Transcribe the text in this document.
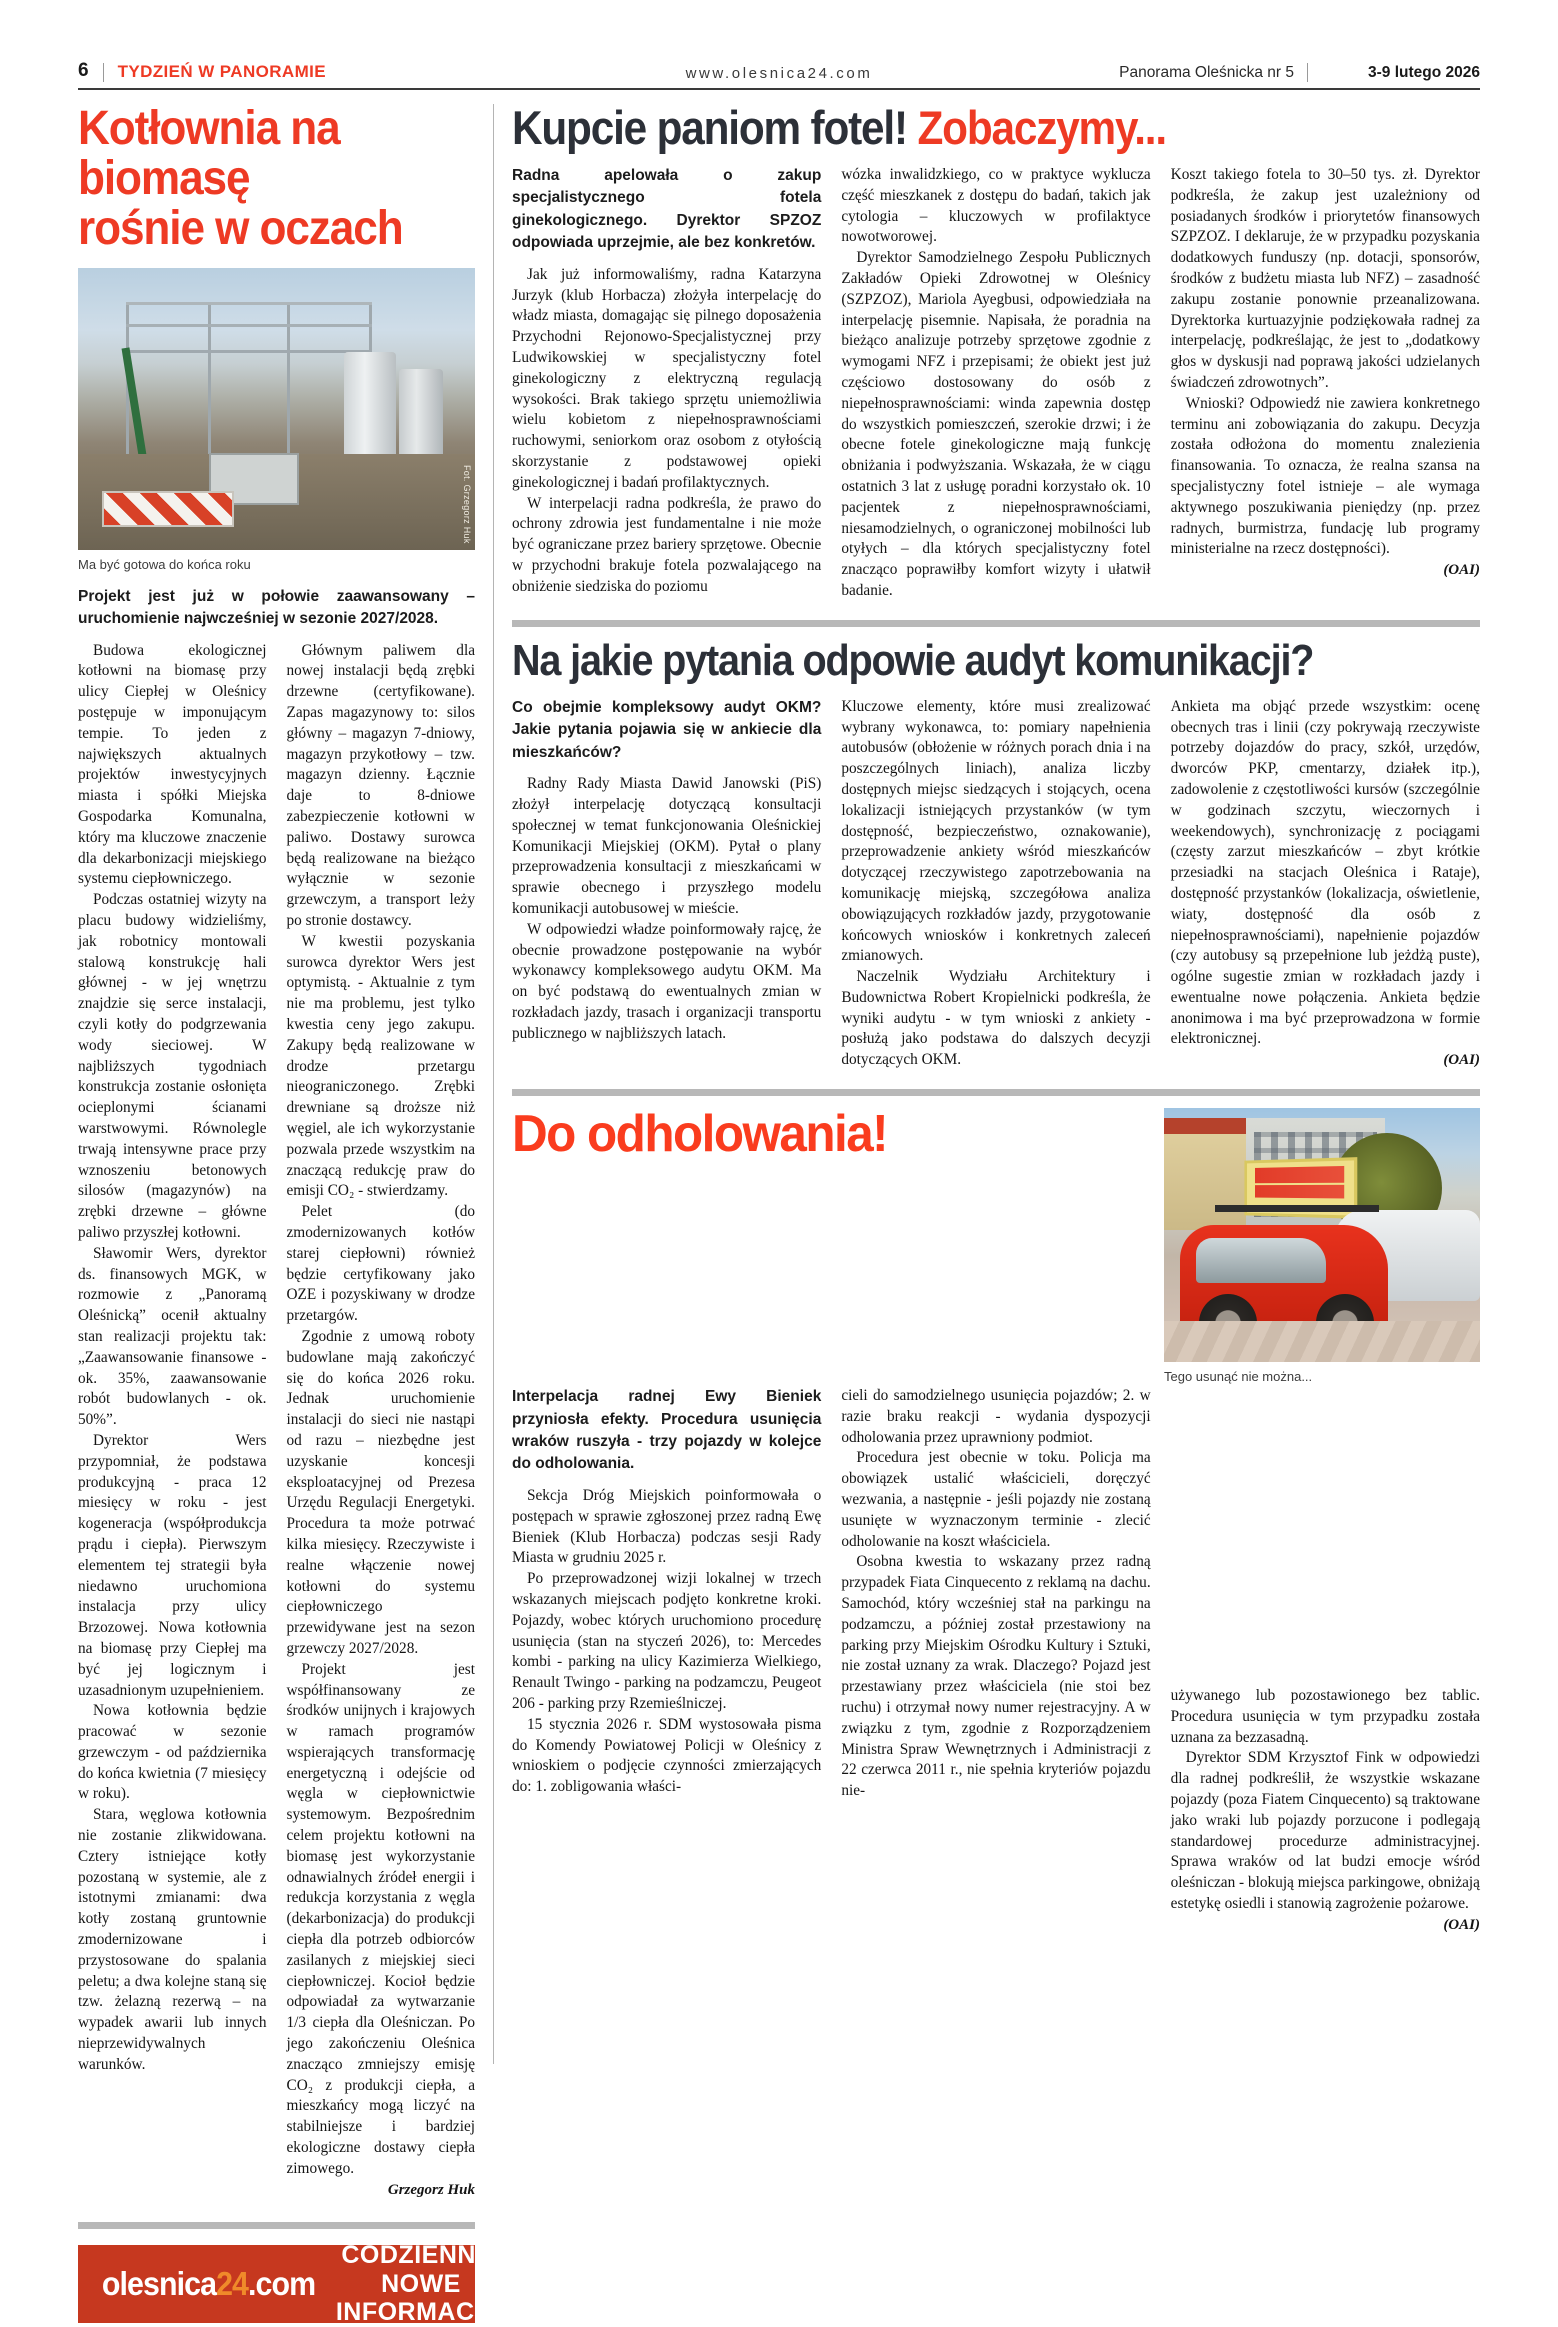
6	TYDZIEŃ W PANORAMIE	www.olesnica24.com	Panorama Oleśnicka nr 5	3-9 lutego 2026
Kotłownia na biomasę
rośnie w oczach
Fot. Grzegorz Huk
Ma być gotowa do końca roku
Projekt jest już w połowie zaawansowany – uruchomienie najwcześniej w sezonie 2027/2028.

Budowa ekologicznej kotłowni na biomasę przy ulicy Ciepłej w Oleśnicy postępuje w imponującym tempie. To jeden z największych aktualnych projektów inwestycyjnych miasta i spółki Miejska Gospodarka Komunalna, który ma kluczowe znaczenie dla dekarbonizacji miejskiego systemu ciepłowniczego.

Podczas ostatniej wizyty na placu budowy widzieliśmy, jak robotnicy montowali stalową konstrukcję hali głównej - w jej wnętrzu znajdzie się serce instalacji, czyli kotły do podgrzewania wody sieciowej. W najbliższych tygodniach konstrukcja zostanie osłonięta ocieplonymi ścianami warstwowymi. Równolegle trwają intensywne prace przy wznoszeniu betonowych silosów (magazynów) na zrębki drzewne – główne paliwo przyszłej kotłowni.

Sławomir Wers, dyrektor ds. finansowych MGK, w rozmowie z „Panoramą Oleśnicką” ocenił aktualny stan realizacji projektu tak: „Zaawansowanie finansowe - ok. 35%, zaawansowanie robót budowlanych - ok. 50%”.

Dyrektor Wers przypomniał, że podstawa produkcyjną - praca 12 miesięcy w roku - jest kogeneracja (współprodukcja prądu i ciepła). Pierwszym elementem tej strategii była niedawno uruchomiona instalacja przy ulicy Brzozowej. Nowa kotłownia na biomasę przy Ciepłej ma być jej logicznym i uzasadnionym uzupełnieniem.

Nowa kotłownia będzie pracować w sezonie grzewczym - od października do końca kwietnia (7 miesięcy w roku).

Stara, węglowa kotłownia nie zostanie zlikwidowana. Cztery istniejące kotły pozostaną w systemie, ale z istotnymi zmianami: dwa kotły zostaną gruntownie zmodernizowane i przystosowane do spalania peletu; a dwa kolejne staną się tzw. żelazną rezerwą – na wypadek awarii lub innych nieprzewidywalnych warunków.

Głównym paliwem dla nowej instalacji będą zrębki drzewne (certyfikowane). Zapas magazynowy to: silos główny – magazyn 7-dniowy, magazyn przykotłowy – tzw. magazyn dzienny. Łącznie daje to 8-dniowe zabezpieczenie kotłowni w paliwo. Dostawy surowca będą realizowane na bieżąco wyłącznie w sezonie grzewczym, a transport leży po stronie dostawcy.

W kwestii pozyskania surowca dyrektor Wers jest optymistą. - Aktualnie z tym nie ma problemu, jest tylko kwestia ceny jego zakupu. Zakupy będą realizowane w drodze przetargu nieograniczonego. Zrębki drewniane są droższe niż węgiel, ale ich wykorzystanie pozwala przede wszystkim na znaczącą redukcję praw do emisji CO₂ - stwierdzamy.

Pelet (do zmodernizowanych kotłów starej ciepłowni) również będzie certyfikowany jako OZE i pozyskiwany w drodze przetargów.

Zgodnie z umową roboty budowlane mają zakończyć się do końca 2026 roku. Jednak uruchomienie instalacji do sieci nie nastąpi od razu – niezbędne jest uzyskanie koncesji eksploatacyjnej od Prezesa Urzędu Regulacji Energetyki. Procedura ta może potrwać kilka miesięcy. Rzeczywiste i realne włączenie nowej kotłowni do systemu ciepłowniczego przewidywane jest na sezon grzewczy 2027/2028.

Projekt jest współfinansowany ze środków unijnych i krajowych w ramach programów wspierających transformację energetyczną i odejście od węgla w ciepłownictwie systemowym. Bezpośrednim celem projektu kotłowni na biomasę jest wykorzystanie odnawialnych źródeł energii i redukcja korzystania z węgla (dekarbonizacja) do produkcji ciepła dla potrzeb odbiorców zasilanych z miejskiej sieci ciepłowniczej. Kocioł będzie odpowiadał za wytwarzanie 1/3 ciepła dla Oleśniczan. Po jego zakończeniu Oleśnica znacząco zmniejszy emisję CO₂ z produkcji ciepła, a mieszkańcy mogą liczyć na stabilniejsze i bardziej ekologiczne dostawy ciepła zimowego.

Grzegorz Huk

olesnica24.com
CODZIENNIE NOWE
INFORMACJE
Kupcie paniom fotel! Zobaczymy...
Radna apelowała o zakup specjalistycznego fotela ginekologicznego. Dyrektor SPZOZ odpowiada uprzejmie, ale bez konkretów.

Jak już informowaliśmy, radna Katarzyna Jurzyk (klub Horbacza) złożyła interpelację do władz miasta, domagając się pilnego doposażenia Przychodni Rejonowo-Specjalistycznej przy Ludwikowskiej w specjalistyczny fotel ginekologiczny z elektryczną regulacją wysokości. Brak takiego sprzętu uniemożliwia wielu kobietom z niepełnosprawnościami ruchowymi, seniorkom oraz osobom z otyłością skorzystanie z podstawowej opieki ginekologicznej i badań profilaktycznych.

W interpelacji radna podkreśla, że prawo do ochrony zdrowia jest fundamentalne i nie może być ograniczane przez bariery sprzętowe. Obecnie w przychodni brakuje fotela pozwalającego na obniżenie siedziska do poziomu

wózka inwalidzkiego, co w praktyce wyklucza część mieszkanek z dostępu do badań, takich jak cytologia – kluczowych w profilaktyce nowotworowej.

Dyrektor Samodzielnego Zespołu Publicznych Zakładów Opieki Zdrowotnej w Oleśnicy (SZPZOZ), Mariola Ayegbusi, odpowiedziała na interpelację pisemnie. Napisała, że poradnia na bieżąco analizuje potrzeby sprzętowe zgodnie z wymogami NFZ i przepisami; że obiekt jest już częściowo dostosowany do osób z niepełnosprawnościami: winda zapewnia dostęp do wszystkich pomieszczeń, szerokie drzwi; i że obecne fotele ginekologiczne mają funkcję obniżania i podwyższania. Wskazała, że w ciągu ostatnich 3 lat z usługę poradni korzystało ok. 10 pacjentek z niepełnosprawnościami, niesamodzielnych, o ograniczonej mobilności lub otyłych – dla których specjalistyczny fotel znacząco poprawiłby komfort wizyty i ułatwił badanie.

Koszt takiego fotela to 30–50 tys. zł. Dyrektor podkreśla, że zakup jest uzależniony od posiadanych środków i priorytetów finansowych SZPZOZ. I deklaruje, że w przypadku pozyskania dodatkowych funduszy (np. dotacji, sponsorów, środków z budżetu miasta lub NFZ) – zasadność zakupu zostanie ponownie przeanalizowana. Dyrektorka kurtuazyjnie podziękowała radnej za interpelację, podkreślając, że jest to „dodatkowy głos w dyskusji nad poprawą jakości udzielanych świadczeń zdrowotnych”.

Wnioski? Odpowiedź nie zawiera konkretnego terminu ani zobowiązania do zakupu. Decyzja została odłożona do momentu znalezienia finansowania. To oznacza, że realna szansa na specjalistyczny fotel istnieje – ale wymaga aktywnego poszukiwania pieniędzy (np. przez radnych, burmistrza, fundację lub programy ministerialne na rzecz dostępności).

(OAI)

Na jakie pytania odpowie audyt komunikacji?
Co obejmie kompleksowy audyt OKM? Jakie pytania pojawia się w ankiecie dla mieszkańców?

Radny Rady Miasta Dawid Janowski (PiS) złożył interpelację dotyczącą konsultacji społecznej w temat funkcjonowania Oleśnickiej Komunikacji Miejskiej (OKM). Pytał o plany przeprowadzenia konsultacji z mieszkańcami w sprawie obecnego i przyszłego modelu komunikacji autobusowej w mieście.

W odpowiedzi władze poinformowały rajcę, że obecnie prowadzone postępowanie na wybór wykonawcy kompleksowego audytu OKM. Ma on być podstawą do ewentualnych zmian w rozkładach jazdy, trasach i organizacji transportu publicznego w najbliższych latach.

Kluczowe elementy, które musi zrealizować wybrany wykonawca, to: pomiary napełnienia autobusów (obłożenie w różnych porach dnia i na poszczególnych liniach), analiza liczby dostępnych miejsc siedzących i stojących, ocena lokalizacji istniejących przystanków (w tym dostępność, bezpieczeństwo, oznakowanie), przeprowadzenie ankiety wśród mieszkańców dotyczącej rzeczywistego zapotrzebowania na komunikację miejską, szczegółowa analiza obowiązujących rozkładów jazdy, przygotowanie końcowych wniosków i konkretnych zaleceń zmianowych.

Naczelnik Wydziału Architektury i Budownictwa Robert Kropielnicki podkreśla, że wyniki audytu - w tym wnioski z ankiety - posłużą jako podstawa do dalszych decyzji dotyczących OKM.

Ankieta ma objąć przede wszystkim: ocenę obecnych tras i linii (czy pokrywają rzeczywiste potrzeby dojazdów do pracy, szkół, urzędów, dworców PKP, cmentarzy, działek itp.), zadowolenie z częstotliwości kursów (szczególnie w godzinach szczytu, wieczornych i weekendowych), synchronizację z pociągami (częsty zarzut mieszkańców – zbyt krótkie przesiadki na stacjach Oleśnica i Rataje), dostępność przystanków (lokalizacja, oświetlenie, wiaty, dostępność dla osób z niepełnosprawnościami), napełnienie pojazdów (czy autobusy są przepełnione lub jeżdżą puste), ogólne sugestie zmian w rozkładach jazdy i ewentualne nowe połączenia. Ankieta będzie anonimowa i ma być przeprowadzona w formie elektronicznej.

(OAI)

Do odholowania!
Tego usunąć nie można...
Interpelacja radnej Ewy Bieniek przyniosła efekty. Procedura usunięcia wraków ruszyła - trzy pojazdy w kolejce do odholowania.

Sekcja Dróg Miejskich poinformowała o postępach w sprawie zgłoszonej przez radną Ewę Bieniek (Klub Horbacza) podczas sesji Rady Miasta w grudniu 2025 r.

Po przeprowadzonej wizji lokalnej w trzech wskazanych miejscach podjęto konkretne kroki. Pojazdy, wobec których uruchomiono procedurę usunięcia (stan na styczeń 2026), to: Mercedes kombi - parking na ulicy Kazimierza Wielkiego, Renault Twingo - parking na podzamczu, Peugeot 206 - parking przy Rzemieślniczej.

15 stycznia 2026 r. SDM wystosowała pisma do Komendy Powiatowej Policji w Oleśnicy z wnioskiem o podjęcie czynności zmierzających do: 1. zobligowania właści-

cieli do samodzielnego usunięcia pojazdów; 2. w razie braku reakcji - wydania dyspozycji odholowania przez uprawniony podmiot.

Procedura jest obecnie w toku. Policja ma obowiązek ustalić właścicieli, doręczyć wezwania, a następnie - jeśli pojazdy nie zostaną usunięte w wyznaczonym terminie - zlecić odholowanie na koszt właściciela.

Osobna kwestia to wskazany przez radną przypadek Fiata Cinquecento z reklamą na dachu. Samochód, który wcześniej stał na parkingu na podzamczu, a później został przestawiony na parking przy Miejskim Ośrodku Kultury i Sztuki, nie został uznany za wrak. Dlaczego? Pojazd jest przestawiany przez właściciela (nie stoi bez ruchu) i otrzymał nowy numer rejestracyjny. A w związku z tym, zgodnie z Rozporządzeniem Ministra Spraw Wewnętrznych i Administracji z 22 czerwca 2011 r., nie spełnia kryteriów pojazdu nie-

używanego lub pozostawionego bez tablic. Procedura usunięcia w tym przypadku została uznana za bezzasadną.

Dyrektor SDM Krzysztof Fink w odpowiedzi dla radnej podkreślił, że wszystkie wskazane pojazdy (poza Fiatem Cinquecento) są traktowane jako wraki lub pojazdy porzucone i podlegają standardowej procedurze administracyjnej. Sprawa wraków od lat budzi emocje wśród oleśniczan - blokują miejsca parkingowe, obniżają estetykę osiedli i stanowią zagrożenie pożarowe.

(OAI)
